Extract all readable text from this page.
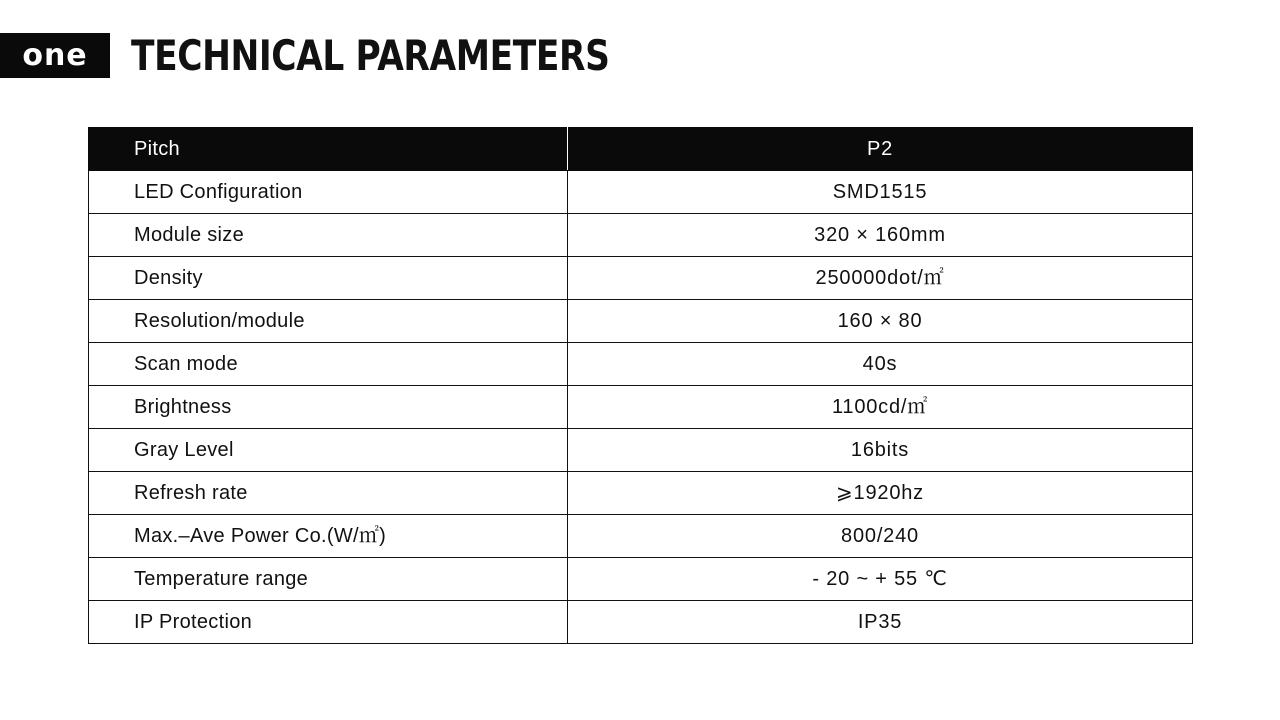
one TECHNICAL PARAMETERS
Pitch	P2
LED Configuration	SMD1515
Module size	320 × 160mm
Density	250000dot/㎡
Resolution/module	160 × 80
Scan mode	40s
Brightness	1100cd/㎡
Gray Level	16bits
Refresh rate	⩾1920hz
Max.–Ave Power Co.(W/㎡)	800/240
Temperature range	- 20 ~ + 55 ℃
IP Protection	IP35
